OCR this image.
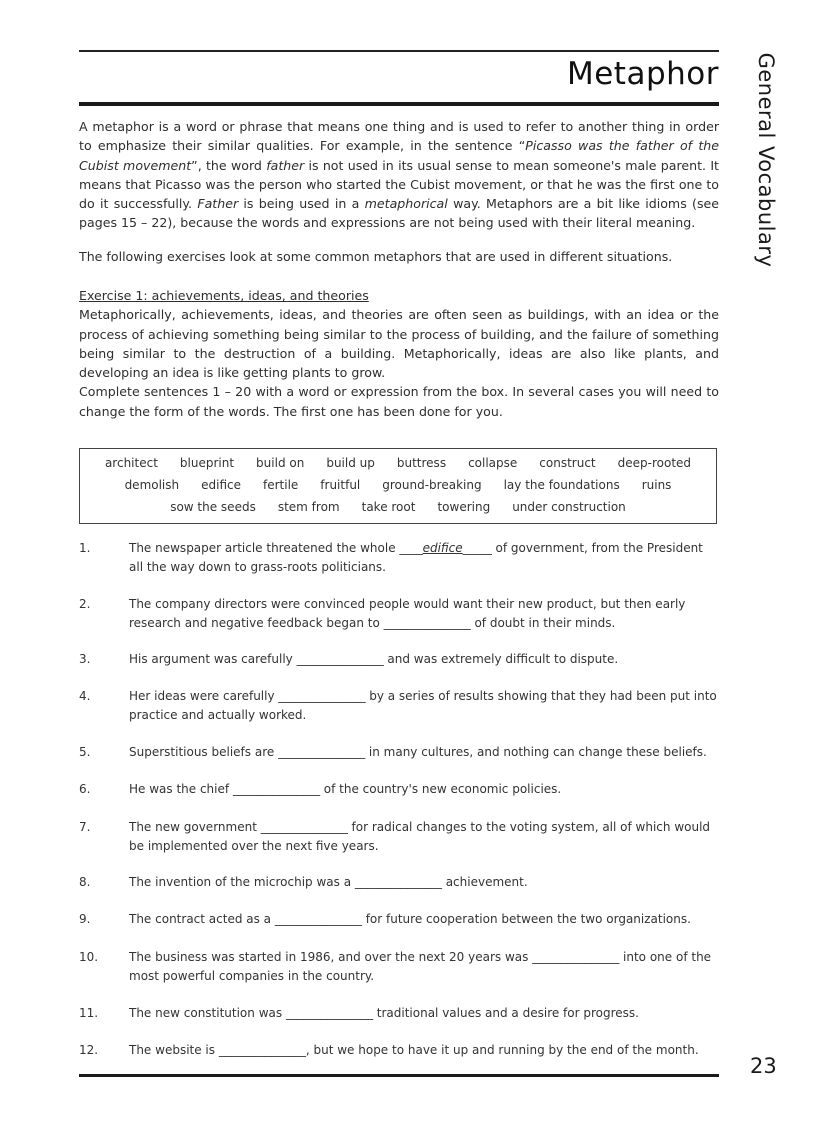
Metaphor General Vocabulary

A metaphor is a word or phrase that means one thing and is used to refer to another thing in order to emphasize their similar qualities. For example, in the sentence “Picasso was the father of the Cubist movement”, the word father is not used in its usual sense to mean someone's male parent. It means that Picasso was the person who started the Cubist movement, or that he was the first one to do it successfully. Father is being used in a metaphorical way. Metaphors are a bit like idioms (see pages 15 – 22), because the words and expressions are not being used with their literal meaning.

The following exercises look at some common metaphors that are used in different situations.

Exercise 1: achievements, ideas, and theories
Metaphorically, achievements, ideas, and theories are often seen as buildings, with an idea or the process of achieving something being similar to the process of building, and the failure of something being similar to the destruction of a building. Metaphorically, ideas are also like plants, and developing an idea is like getting plants to grow.
Complete sentences 1 – 20 with a word or expression from the box. In several cases you will need to change the form of the words. The first one has been done for you.
architect blueprint build on build up buttress collapse construct deep-rooted
demolish edifice fertile fruitful ground-breaking lay the foundations ruins
sow the seeds stem from take root towering under construction
1.	The newspaper article threatened the whole ____edifice_____ of government, from the President all the way down to grass-roots politicians.
2.	The company directors were convinced people would want their new product, but then early research and negative feedback began to _______________ of doubt in their minds.
3.	His argument was carefully _______________ and was extremely difficult to dispute.
4.	Her ideas were carefully _______________ by a series of results showing that they had been put into practice and actually worked.
5.	Superstitious beliefs are _______________ in many cultures, and nothing can change these beliefs.
6.	He was the chief _______________ of the country's new economic policies.
7.	The new government _______________ for radical changes to the voting system, all of which would be implemented over the next five years.
8.	The invention of the microchip was a _______________ achievement.
9.	The contract acted as a _______________ for future cooperation between the two organizations.
10.	The business was started in 1986, and over the next 20 years was _______________ into one of the most powerful companies in the country.
11.	The new constitution was _______________ traditional values and a desire for progress.
12.	The website is _______________, but we hope to have it up and running by the end of the month.
23
